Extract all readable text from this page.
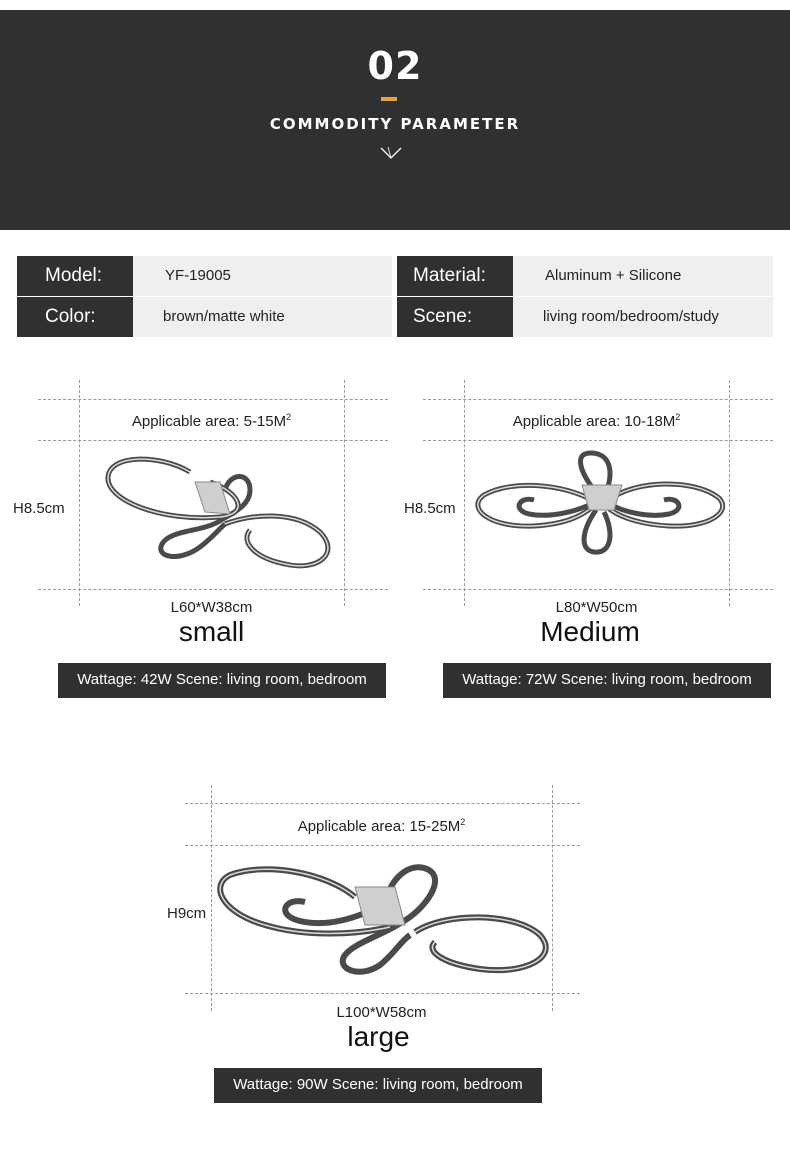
02
COMMODITY PARAMETER
Model:	YF-19005	Material:	Aluminum + Silicone
Color:	brown/matte white	Scene:	living room/bedroom/study
Applicable area: $5-15M^2$
H8.5cm
L60*W38cm
small
Wattage: 42W Scene: living room, bedroom
Applicable area: $10-18M^2$
H8.5cm
L80*W50cm
Medium
Wattage: 72W Scene: living room, bedroom
Applicable area: $15-25M^2$
H9cm
L100*W58cm
large
Wattage: 90W Scene: living room, bedroom
